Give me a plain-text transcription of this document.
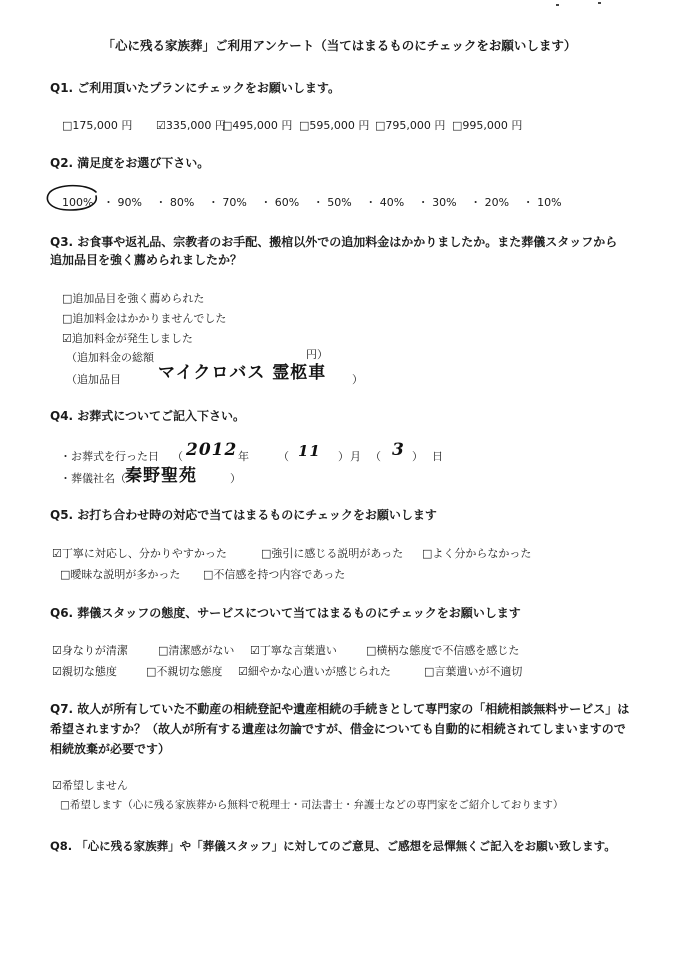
「心に残る家族葬」ご利用アンケート（当てはまるものにチェックをお願いします）
Q1. ご利用頂いたプランにチェックをお願いします。
□175,000 円 ☑335,000 円
□495,000 円 □595,000 円 □795,000 円 □995,000 円
Q2. 満足度をお選び下さい。
100% ・ 90% ・ 80% ・ 70% ・ 60% ・ 50% ・ 40% ・ 30% ・ 20% ・ 10%
Q3. お食事や返礼品、宗教者のお手配、搬棺以外での追加料金はかかりましたか。また葬儀スタッフから
追加品目を強く薦められましたか？
□追加品目を強く薦められた
□追加料金はかかりませんでした
☑追加料金が発生しました
（追加料金の総額	円）
（追加品目 マイクロバス 霊柩車 ）
Q4. お葬式についてご記入下さい。
・お葬式を行った日 （ 2012 年	（ 11 ） 月 （ 3 ） 日
・葬儀社名（ 秦野聖苑	）
Q5. お打ち合わせ時の対応で当てはまるものにチェックをお願いします
☑丁寧に対応し、分かりやすかった	□強引に感じる説明があった □よく分からなかった
□曖昧な説明が多かった □不信感を持つ内容であった
Q6. 葬儀スタッフの態度、サービスについて当てはまるものにチェックをお願いします
☑身なりが清潔	□清潔感がない ☑丁寧な言葉遣い	□横柄な態度で不信感を感じた
☑親切な態度	□不親切な態度 ☑細やかな心遣いが感じられた	□言葉遣いが不適切
Q7. 故人が所有していた不動産の相続登記や遺産相続の手続きとして専門家の「相続相談無料サービス」は
希望されますか？（故人が所有する遺産は勿論ですが、借金についても自動的に相続されてしまいますので
相続放棄が必要です）
☑希望しません
□希望します（心に残る家族葬から無料で税理士・司法書士・弁護士などの専門家をご紹介しております）
Q8. 「心に残る家族葬」や「葬儀スタッフ」に対してのご意見、ご感想を忌憚無くご記入をお願い致します。
